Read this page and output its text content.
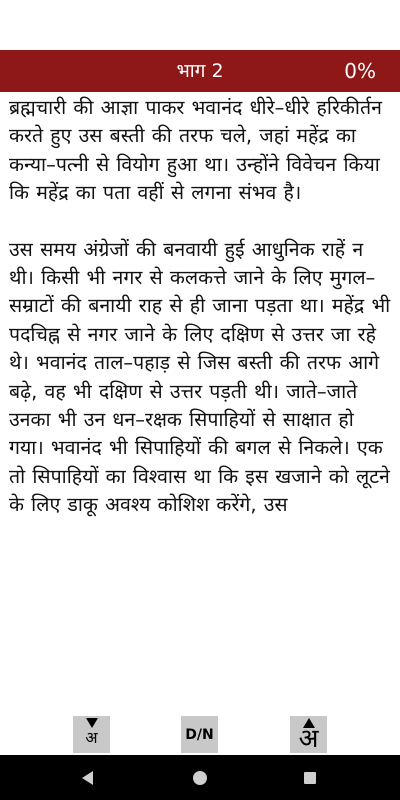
भाग 2	0%

ब्रह्मचारी की आज्ञा पाकर भवानंद धीरे–धीरे हरिकीर्तन करते हुए उस बस्ती की तरफ चले, जहां महेंद्र का कन्या–पत्नी से वियोग हुआ था। उन्होंने विवेचन किया कि महेंद्र का पता वहीं से लगना संभव है।

उस समय अंग्रेजों की बनवायी हुई आधुनिक राहें न थी। किसी भी नगर से कलकत्ते जाने के लिए मुगल–सम्राटों की बनायी राह से ही जाना पड़ता था। महेंद्र भी पदचिह्न से नगर जाने के लिए दक्षिण से उत्तर जा रहे थे। भवानंद ताल–पहाड़ से जिस बस्ती की तरफ आगे बढ़े, वह भी दक्षिण से उत्तर पड़ती थी। जाते–जाते उनका भी उन धन–रक्षक सिपाहियों से साक्षात हो गया। भवानंद भी सिपाहियों की बगल से निकले। एक तो सिपाहियों का विश्वास था कि इस खजाने को लूटने के लिए डाकू अवश्य कोशिश करेंगे, उस

अ	D/N	अ
